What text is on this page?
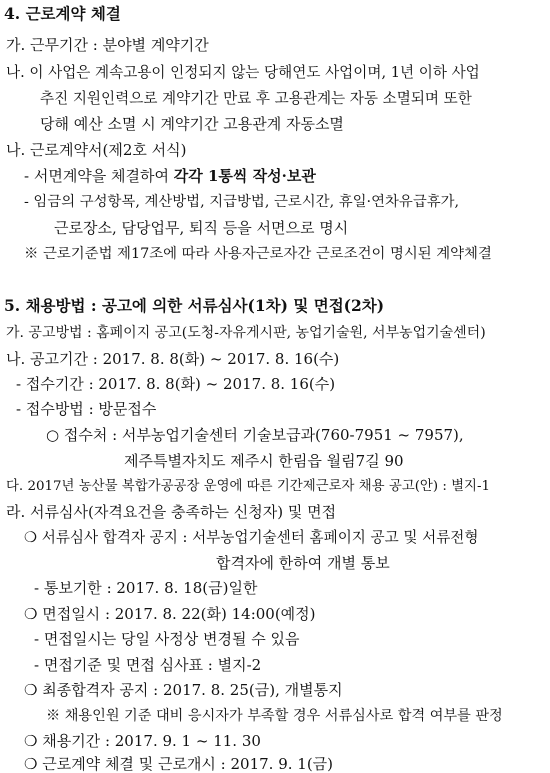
4. 근로계약 체결
가. 근무기간 : 분야별 계약기간
나. 이 사업은 계속고용이 인정되지 않는 당해연도 사업이며, 1년 이하 사업
추진 지원인력으로 계약기간 만료 후 고용관계는 자동 소멸되며 또한
당해 예산 소멸 시 계약기간 고용관계 자동소멸
나. 근로계약서(제2호 서식)
- 서면계약을 체결하여 각각 1통씩 작성·보관
- 임금의 구성항목, 계산방법, 지급방법, 근로시간, 휴일·연차유급휴가,
근로장소, 담당업무, 퇴직 등을 서면으로 명시
※ 근로기준법 제17조에 따라 사용자근로자간 근로조건이 명시된 계약체결
5. 채용방법 : 공고에 의한 서류심사(1차) 및 면접(2차)
가. 공고방법 : 홈페이지 공고(도청-자유게시판, 농업기술원, 서부농업기술센터)
나. 공고기간 : 2017. 8. 8(화) ~ 2017. 8. 16(수)
- 접수기간 : 2017. 8. 8(화) ~ 2017. 8. 16(수)
- 접수방법 : 방문접수
○ 접수처 : 서부농업기술센터 기술보급과(760-7951 ~ 7957),
제주특별자치도 제주시 한림읍 월림7길 90
다. 2017년 농산물 복합가공공장 운영에 따른 기간제근로자 채용 공고(안) : 별지-1
라. 서류심사(자격요건을 충족하는 신청자) 및 면접
❍ 서류심사 합격자 공지 : 서부농업기술센터 홈페이지 공고 및 서류전형
합격자에 한하여 개별 통보
- 통보기한 : 2017. 8. 18(금)일한
❍ 면접일시 : 2017. 8. 22(화) 14:00(예정)
- 면접일시는 당일 사정상 변경될 수 있음
- 면접기준 및 면접 심사표 : 별지-2
❍ 최종합격자 공지 : 2017. 8. 25(금), 개별통지
※ 채용인원 기준 대비 응시자가 부족할 경우 서류심사로 합격 여부를 판정
❍ 채용기간 : 2017. 9. 1 ~ 11. 30
❍ 근로계약 체결 및 근로개시 : 2017. 9. 1(금)
